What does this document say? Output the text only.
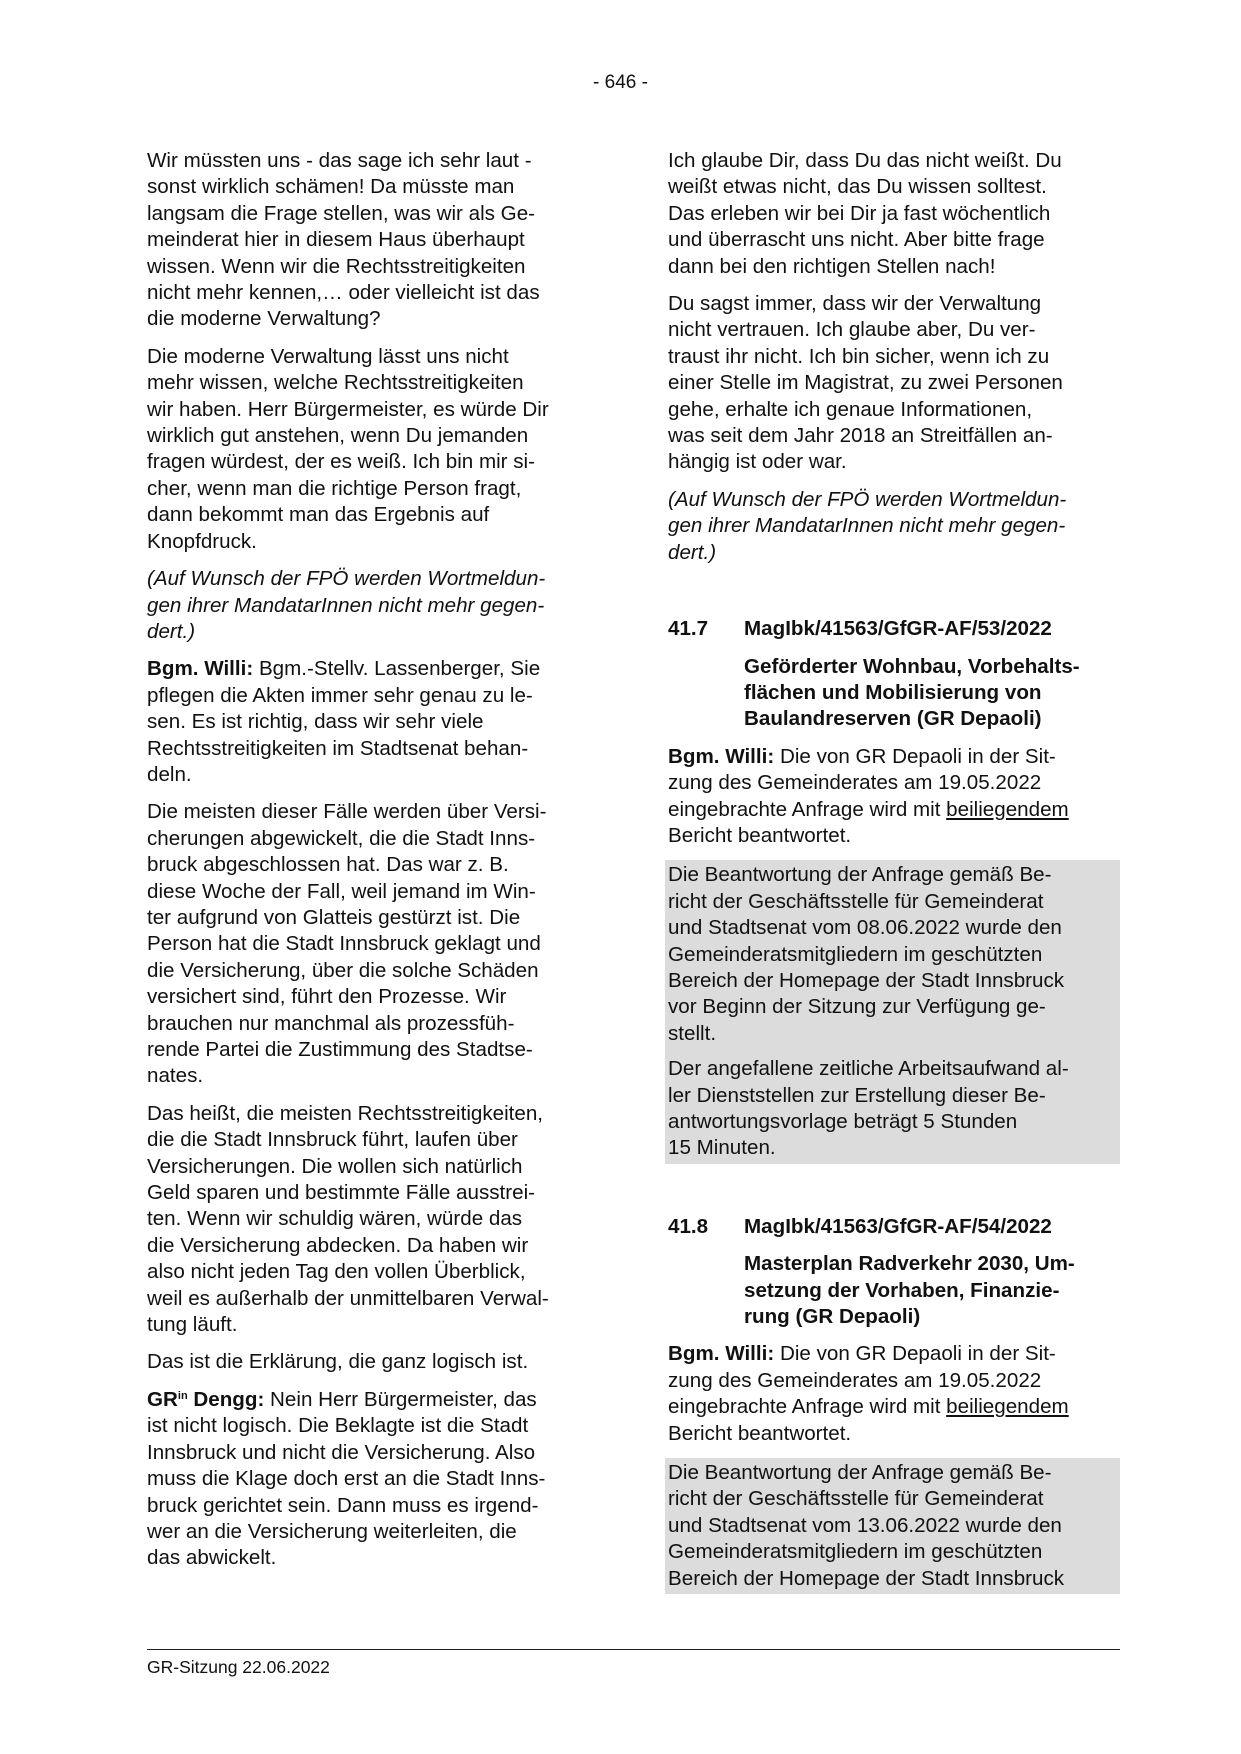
- 646 -

Wir müssten uns - das sage ich sehr laut -
sonst wirklich schämen! Da müsste man
langsam die Frage stellen, was wir als Ge-
meinderat hier in diesem Haus überhaupt
wissen. Wenn wir die Rechtsstreitigkeiten
nicht mehr kennen,… oder vielleicht ist das
die moderne Verwaltung?

Die moderne Verwaltung lässt uns nicht
mehr wissen, welche Rechtsstreitigkeiten
wir haben. Herr Bürgermeister, es würde Dir
wirklich gut anstehen, wenn Du jemanden
fragen würdest, der es weiß. Ich bin mir si-
cher, wenn man die richtige Person fragt,
dann bekommt man das Ergebnis auf
Knopfdruck.

(Auf Wunsch der FPÖ werden Wortmeldun-
gen ihrer MandatarInnen nicht mehr gegen-
dert.)

Bgm. Willi: Bgm.-Stellv. Lassenberger, Sie
pflegen die Akten immer sehr genau zu le-
sen. Es ist richtig, dass wir sehr viele
Rechtsstreitigkeiten im Stadtsenat behan-
deln.

Die meisten dieser Fälle werden über Versi-
cherungen abgewickelt, die die Stadt Inns-
bruck abgeschlossen hat. Das war z. B.
diese Woche der Fall, weil jemand im Win-
ter aufgrund von Glatteis gestürzt ist. Die
Person hat die Stadt Innsbruck geklagt und
die Versicherung, über die solche Schäden
versichert sind, führt den Prozesse. Wir
brauchen nur manchmal als prozessfüh-
rende Partei die Zustimmung des Stadtse-
nates.

Das heißt, die meisten Rechtsstreitigkeiten,
die die Stadt Innsbruck führt, laufen über
Versicherungen. Die wollen sich natürlich
Geld sparen und bestimmte Fälle ausstrei-
ten. Wenn wir schuldig wären, würde das
die Versicherung abdecken. Da haben wir
also nicht jeden Tag den vollen Überblick,
weil es außerhalb der unmittelbaren Verwal-
tung läuft.

Das ist die Erklärung, die ganz logisch ist.

$GR^{in}$ Dengg: Nein Herr Bürgermeister, das
ist nicht logisch. Die Beklagte ist die Stadt
Innsbruck und nicht die Versicherung. Also
muss die Klage doch erst an die Stadt Inns-
bruck gerichtet sein. Dann muss es irgend-
wer an die Versicherung weiterleiten, die
das abwickelt.

Ich glaube Dir, dass Du das nicht weißt. Du
weißt etwas nicht, das Du wissen solltest.
Das erleben wir bei Dir ja fast wöchentlich
und überrascht uns nicht. Aber bitte frage
dann bei den richtigen Stellen nach!

Du sagst immer, dass wir der Verwaltung
nicht vertrauen. Ich glaube aber, Du ver-
traust ihr nicht. Ich bin sicher, wenn ich zu
einer Stelle im Magistrat, zu zwei Personen
gehe, erhalte ich genaue Informationen,
was seit dem Jahr 2018 an Streitfällen an-
hängig ist oder war.

(Auf Wunsch der FPÖ werden Wortmeldun-
gen ihrer MandatarInnen nicht mehr gegen-
dert.)

41.7	MagIbk/41563/GfGR-AF/53/2022
Geförderter Wohnbau, Vorbehalts-
flächen und Mobilisierung von
Baulandreserven (GR Depaoli)

Bgm. Willi: Die von GR Depaoli in der Sit-
zung des Gemeinderates am 19.05.2022
eingebrachte Anfrage wird mit beiliegendem
Bericht beantwortet.

Die Beantwortung der Anfrage gemäß Be-
richt der Geschäftsstelle für Gemeinderat
und Stadtsenat vom 08.06.2022 wurde den
Gemeinderatsmitgliedern im geschützten
Bereich der Homepage der Stadt Innsbruck
vor Beginn der Sitzung zur Verfügung ge-
stellt.

Der angefallene zeitliche Arbeitsaufwand al-
ler Dienststellen zur Erstellung dieser Be-
antwortungsvorlage beträgt 5 Stunden
15 Minuten.

41.8	MagIbk/41563/GfGR-AF/54/2022
Masterplan Radverkehr 2030, Um-
setzung der Vorhaben, Finanzie-
rung (GR Depaoli)

Bgm. Willi: Die von GR Depaoli in der Sit-
zung des Gemeinderates am 19.05.2022
eingebrachte Anfrage wird mit beiliegendem
Bericht beantwortet.

Die Beantwortung der Anfrage gemäß Be-
richt der Geschäftsstelle für Gemeinderat
und Stadtsenat vom 13.06.2022 wurde den
Gemeinderatsmitgliedern im geschützten
Bereich der Homepage der Stadt Innsbruck

GR-Sitzung 22.06.2022
